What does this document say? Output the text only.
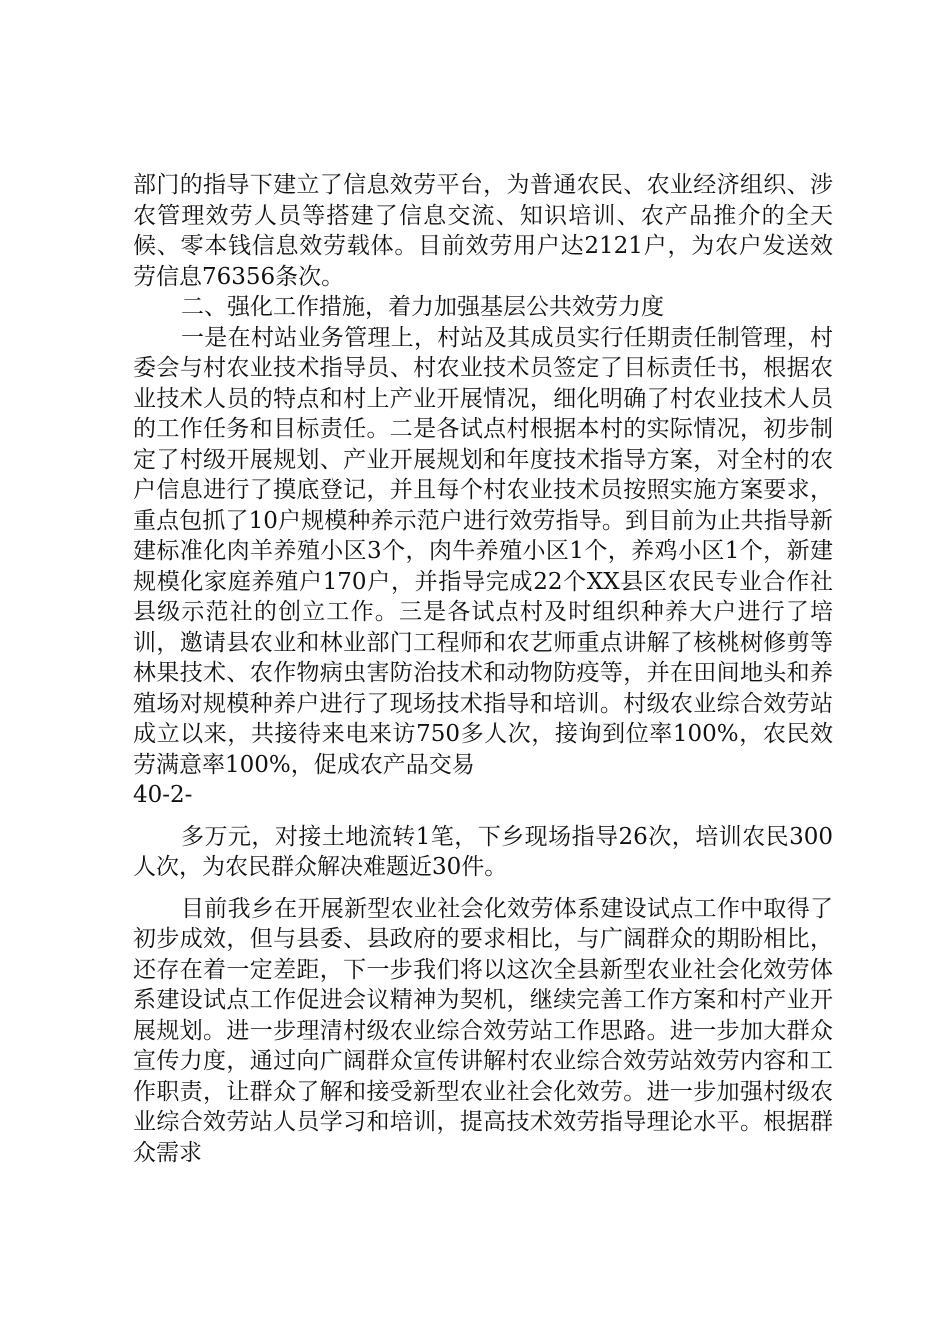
部门的指导下建立了信息效劳平台，为普通农民、农业经济组织、涉农管理效劳人员等搭建了信息交流、知识培训、农产品推介的全天候、零本钱信息效劳载体。目前效劳用户达2121户，为农户发送效劳信息76356条次。

二、强化工作措施，着力加强基层公共效劳力度

一是在村站业务管理上，村站及其成员实行任期责任制管理，村委会与村农业技术指导员、村农业技术员签定了目标责任书，根据农业技术人员的特点和村上产业开展情况，细化明确了村农业技术人员的工作任务和目标责任。二是各试点村根据本村的实际情况，初步制定了村级开展规划、产业开展规划和年度技术指导方案，对全村的农户信息进行了摸底登记，并且每个村农业技术员按照实施方案要求，重点包抓了10户规模种养示范户进行效劳指导。到目前为止共指导新建标准化肉羊养殖小区3个，肉牛养殖小区1个，养鸡小区1个，新建规模化家庭养殖户170户，并指导完成22个XX县区农民专业合作社县级示范社的创立工作。三是各试点村及时组织种养大户进行了培训，邀请县农业和林业部门工程师和农艺师重点讲解了核桃树修剪等林果技术、农作物病虫害防治技术和动物防疫等，并在田间地头和养殖场对规模种养户进行了现场技术指导和培训。村级农业综合效劳站成立以来，共接待来电来访750多人次，接询到位率100%，农民效劳满意率100%，促成农产品交易

40-2-

多万元，对接土地流转1笔，下乡现场指导26次，培训农民300人次，为农民群众解决难题近30件。

目前我乡在开展新型农业社会化效劳体系建设试点工作中取得了初步成效，但与县委、县政府的要求相比，与广阔群众的期盼相比，还存在着一定差距，下一步我们将以这次全县新型农业社会化效劳体系建设试点工作促进会议精神为契机，继续完善工作方案和村产业开展规划。进一步理清村级农业综合效劳站工作思路。进一步加大群众宣传力度，通过向广阔群众宣传讲解村农业综合效劳站效劳内容和工作职责，让群众了解和接受新型农业社会化效劳。进一步加强村级农业综合效劳站人员学习和培训，提高技术效劳指导理论水平。根据群众需求
